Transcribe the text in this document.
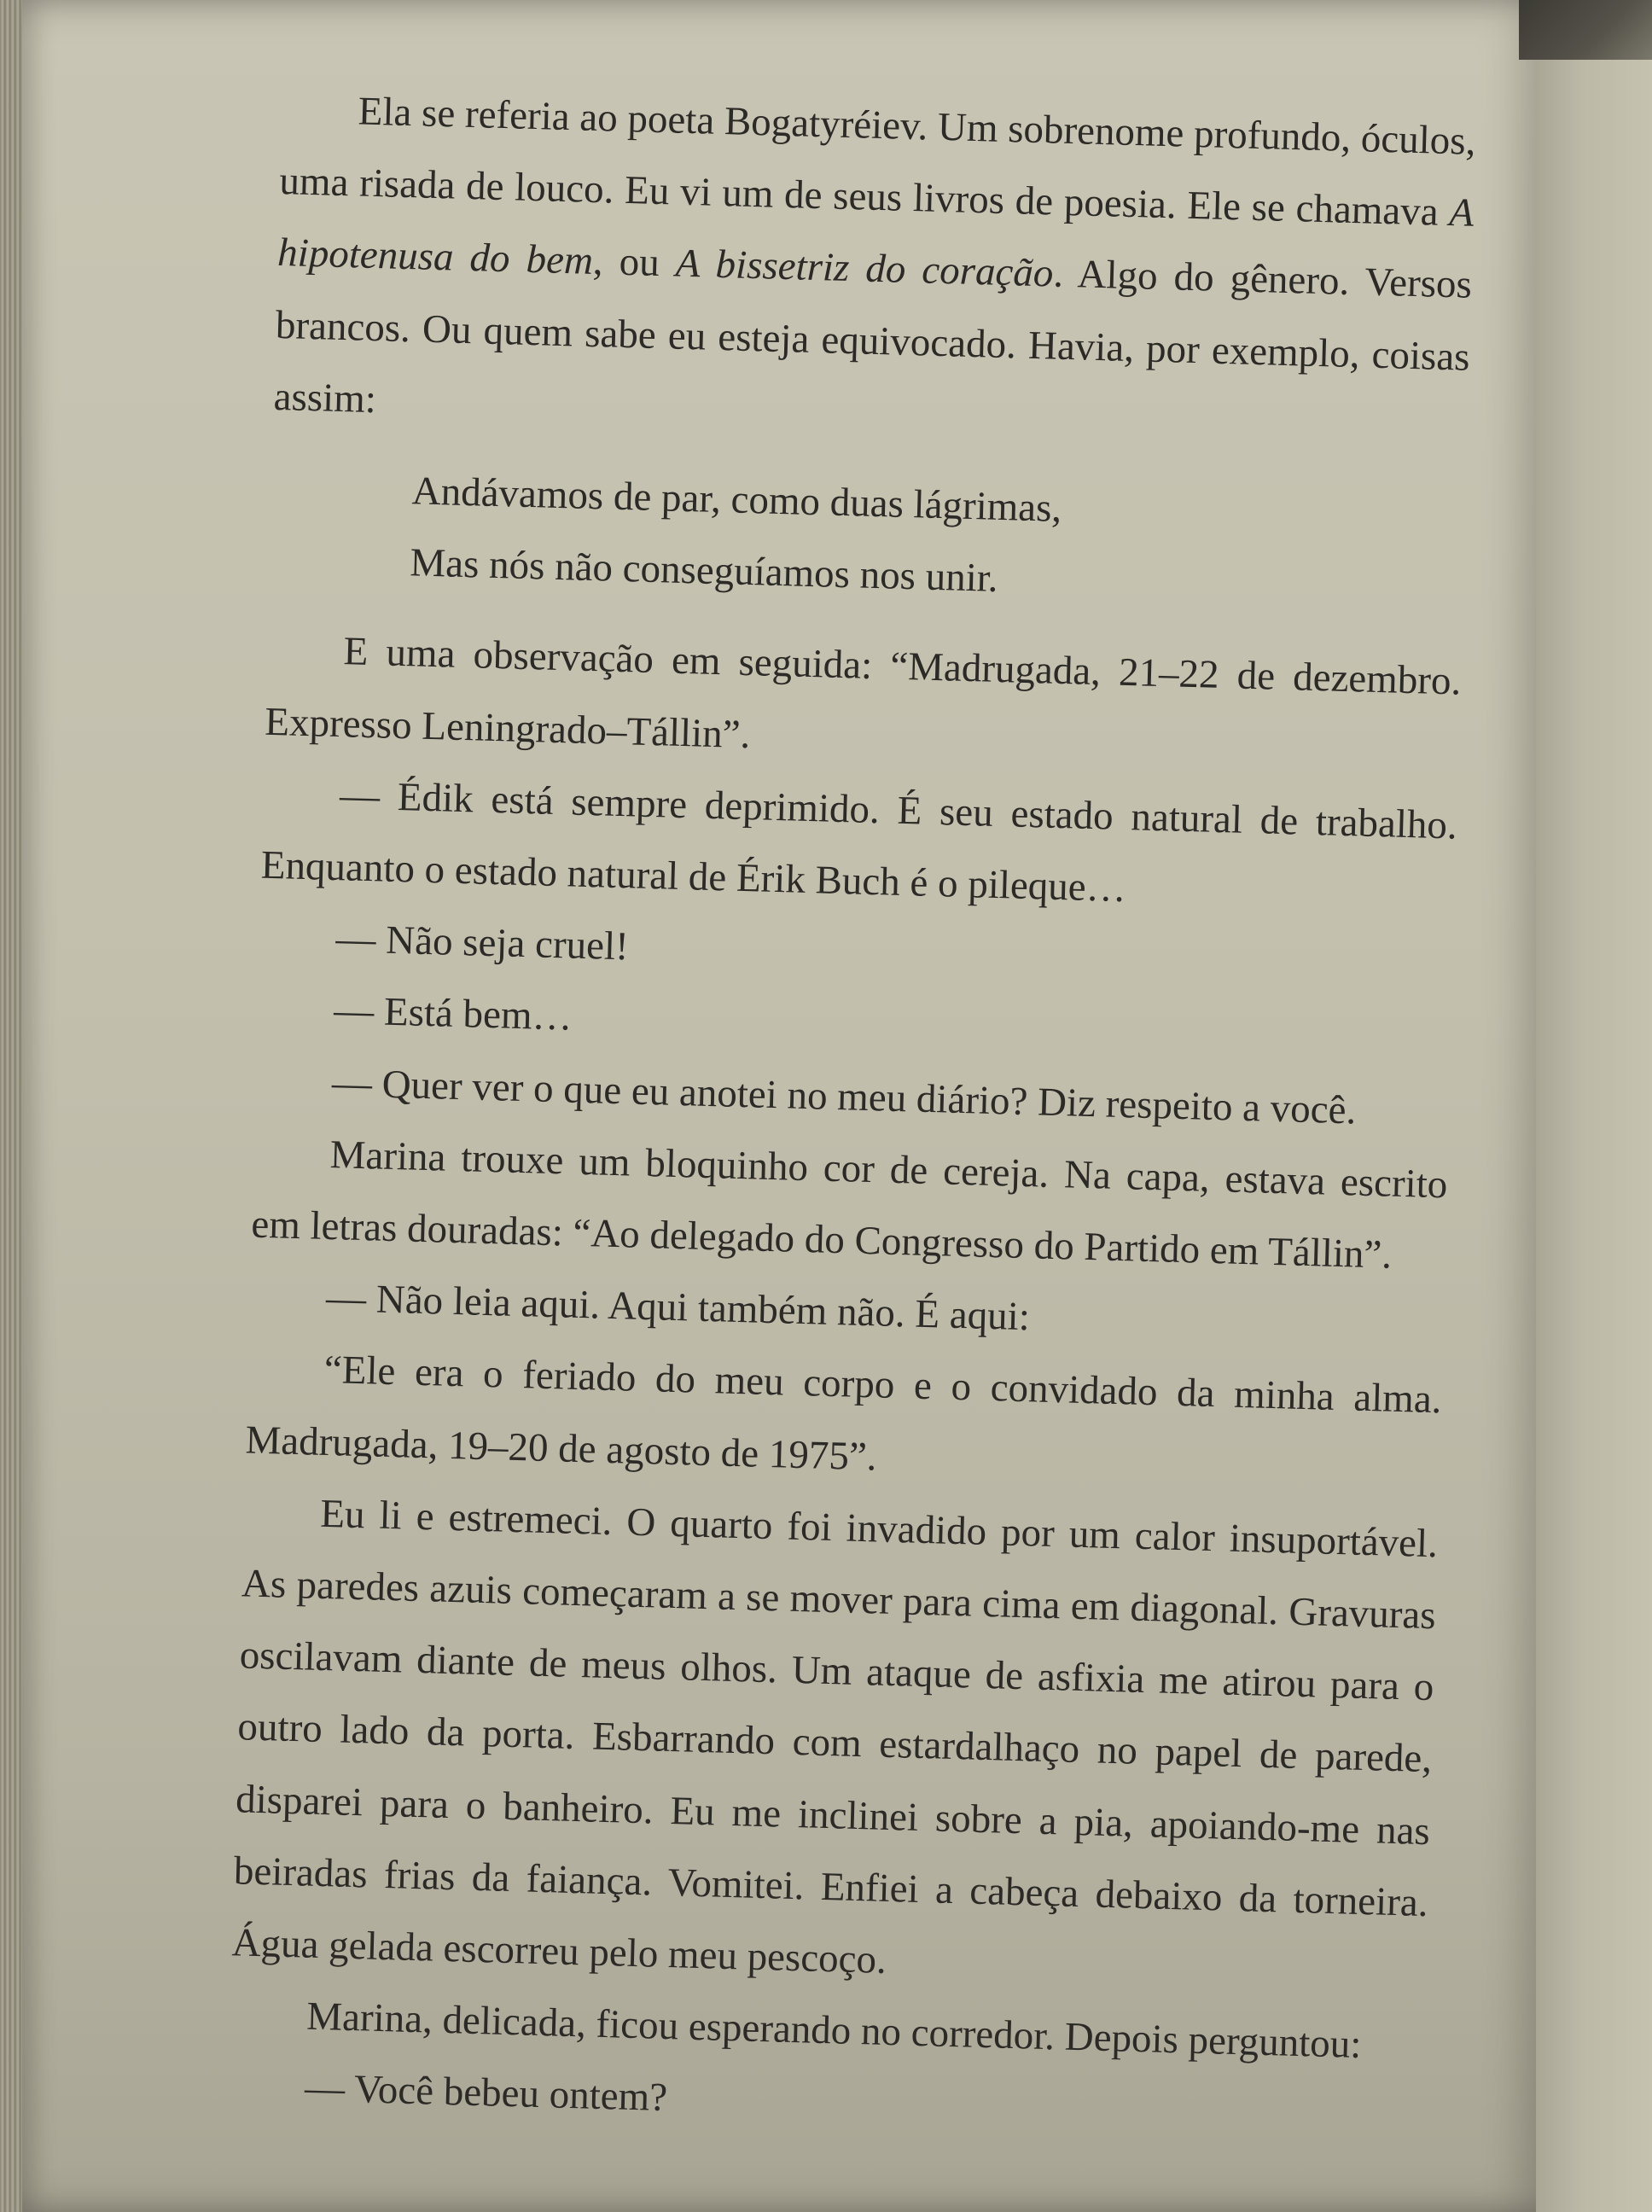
Ela se referia ao poeta Bogatyréiev. Um sobrenome profundo, óculos, uma risada de louco. Eu vi um de seus livros de poesia. Ele se chamava A hipotenusa do bem, ou A bissetriz do coração. Algo do gênero. Versos brancos. Ou quem sabe eu esteja equivocado. Havia, por exemplo, coisas assim:

Andávamos de par, como duas lágrimas,

Mas nós não conseguíamos nos unir.

E uma observação em seguida: “Madrugada, 21–22 de dezembro. Expresso Leningrado–Tállin”.

— Édik está sempre deprimido. É seu estado natural de trabalho. Enquanto o estado natural de Érik Buch é o pileque…

— Não seja cruel!

— Está bem…

— Quer ver o que eu anotei no meu diário? Diz respeito a você.

Marina trouxe um bloquinho cor de cereja. Na capa, estava escrito em letras douradas: “Ao delegado do Congresso do Partido em Tállin”.

— Não leia aqui. Aqui também não. É aqui:

“Ele era o feriado do meu corpo e o convidado da minha alma. Madrugada, 19–20 de agosto de 1975”.

Eu li e estremeci. O quarto foi invadido por um calor insuportável. As paredes azuis começaram a se mover para cima em diagonal. Gravuras oscilavam diante de meus olhos. Um ataque de asfixia me atirou para o outro lado da porta. Esbarrando com estardalhaço no papel de parede, disparei para o banheiro. Eu me inclinei sobre a pia, apoiando-me nas beiradas frias da faiança. Vomitei. Enfiei a cabeça debaixo da torneira. Água gelada escorreu pelo meu pescoço.

Marina, delicada, ficou esperando no corredor. Depois perguntou:

— Você bebeu ontem?
